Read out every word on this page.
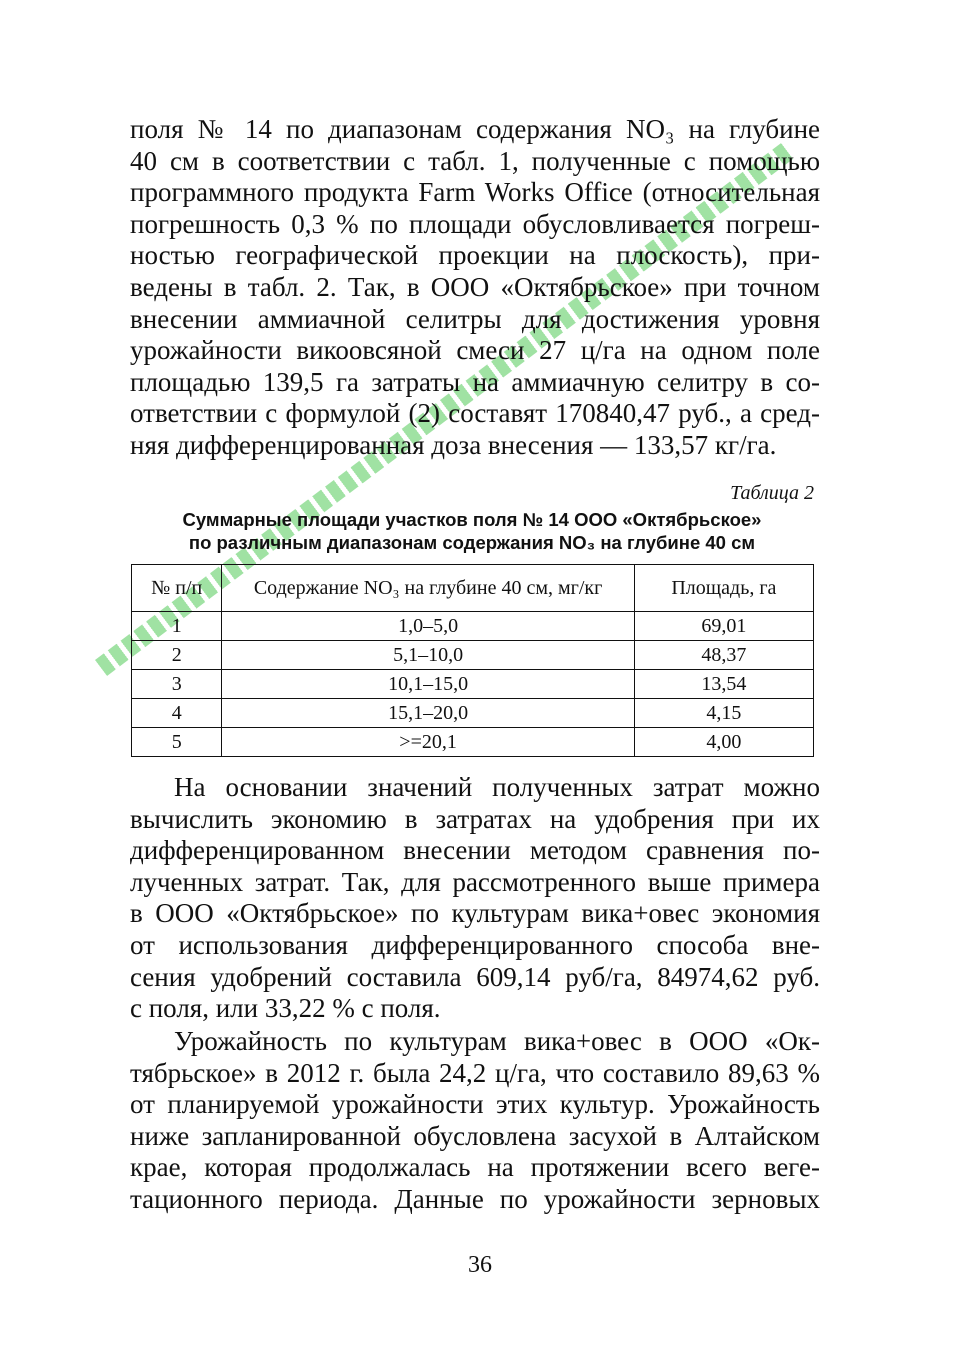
поля № 14 по диапазонам содержания NO₃ на глубине
40 см в соответствии с табл. 1, полученные с помощью
программного продукта Farm Works Office (относительная
погрешность 0,3 % по площади обусловливается погреш-
ностью географической проекции на плоскость), при-
ведены в табл. 2. Так, в ООО «Октябрьское» при точном
внесении аммиачной селитры для достижения уровня
урожайности викоовсяной смеси 27 ц/га на одном поле
площадью 139,5 га затраты на аммиачную селитру в со-
ответствии с формулой (2) составят 170840,47 руб., а сред-
няя дифференцированная доза внесения — 133,57 кг/га.
Таблица 2
Суммарные площади участков поля № 14 ООО «Октябрьское»
по различным диапазонам содержания NO₃ на глубине 40 см
№ п/п	Содержание NO₃ на глубине 40 см, мг/кг	Площадь, га
1	1,0–5,0	69,01
2	5,1–10,0	48,37
3	10,1–15,0	13,54
4	15,1–20,0	4,15
5	>=20,1	4,00
На основании значений полученных затрат можно
вычислить экономию в затратах на удобрения при их
дифференцированном внесении методом сравнения по-
лученных затрат. Так, для рассмотренного выше примера
в ООО «Октябрьское» по культурам вика+овес экономия
от использования дифференцированного способа вне-
сения удобрений составила 609,14 руб/га, 84974,62 руб.
с поля, или 33,22 % с поля.
Урожайность по культурам вика+овес в ООО «Ок-
тябрьское» в 2012 г. была 24,2 ц/га, что составило 89,63 %
от планируемой урожайности этих культур. Урожайность
ниже запланированной обусловлена засухой в Алтайском
крае, которая продолжалась на протяжении всего веге-
тационного периода. Данные по урожайности зерновых
36
